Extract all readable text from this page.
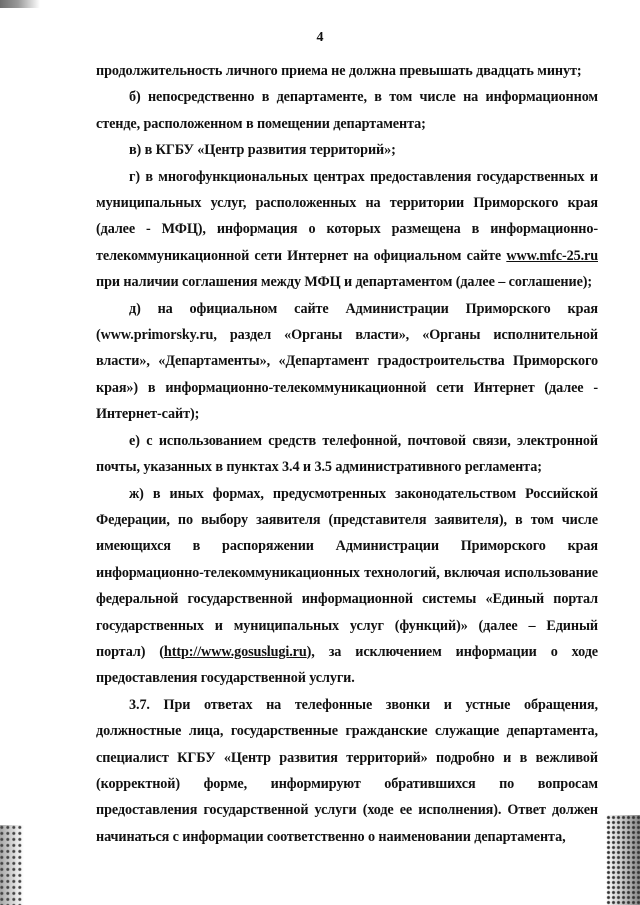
4

продолжительность личного приема не должна превышать двадцать минут;

б) непосредственно в департаменте, в том числе на информационном стенде, расположенном в помещении департамента;

в) в КГБУ «Центр развития территорий»;

г) в многофункциональных центрах предоставления государственных и муниципальных услуг, расположенных на территории Приморского края (далее - МФЦ), информация о которых размещена в информационно-телекоммуникационной сети Интернет на официальном сайте www.mfc-25.ru при наличии соглашения между МФЦ и департаментом (далее – соглашение);

д) на официальном сайте Администрации Приморского края (www.primorsky.ru, раздел «Органы власти», «Органы исполнительной власти», «Департаменты», «Департамент градостроительства Приморского края») в информационно-телекоммуникационной сети Интернет (далее - Интернет-сайт);

е) с использованием средств телефонной, почтовой связи, электронной почты, указанных в пунктах 3.4 и 3.5 административного регламента;

ж) в иных формах, предусмотренных законодательством Российской Федерации, по выбору заявителя (представителя заявителя), в том числе имеющихся в распоряжении Администрации Приморского края информационно-телекоммуникационных технологий, включая использование федеральной государственной информационной системы «Единый портал государственных и муниципальных услуг (функций)» (далее – Единый портал) (http://www.gosuslugi.ru), за исключением информации о ходе предоставления государственной услуги.

3.7. При ответах на телефонные звонки и устные обращения, должностные лица, государственные гражданские служащие департамента, специалист КГБУ «Центр развития территорий» подробно и в вежливой (корректной) форме, информируют обратившихся по вопросам предоставления государственной услуги (ходе ее исполнения). Ответ должен начинаться с информации соответственно о наименовании департамента,
